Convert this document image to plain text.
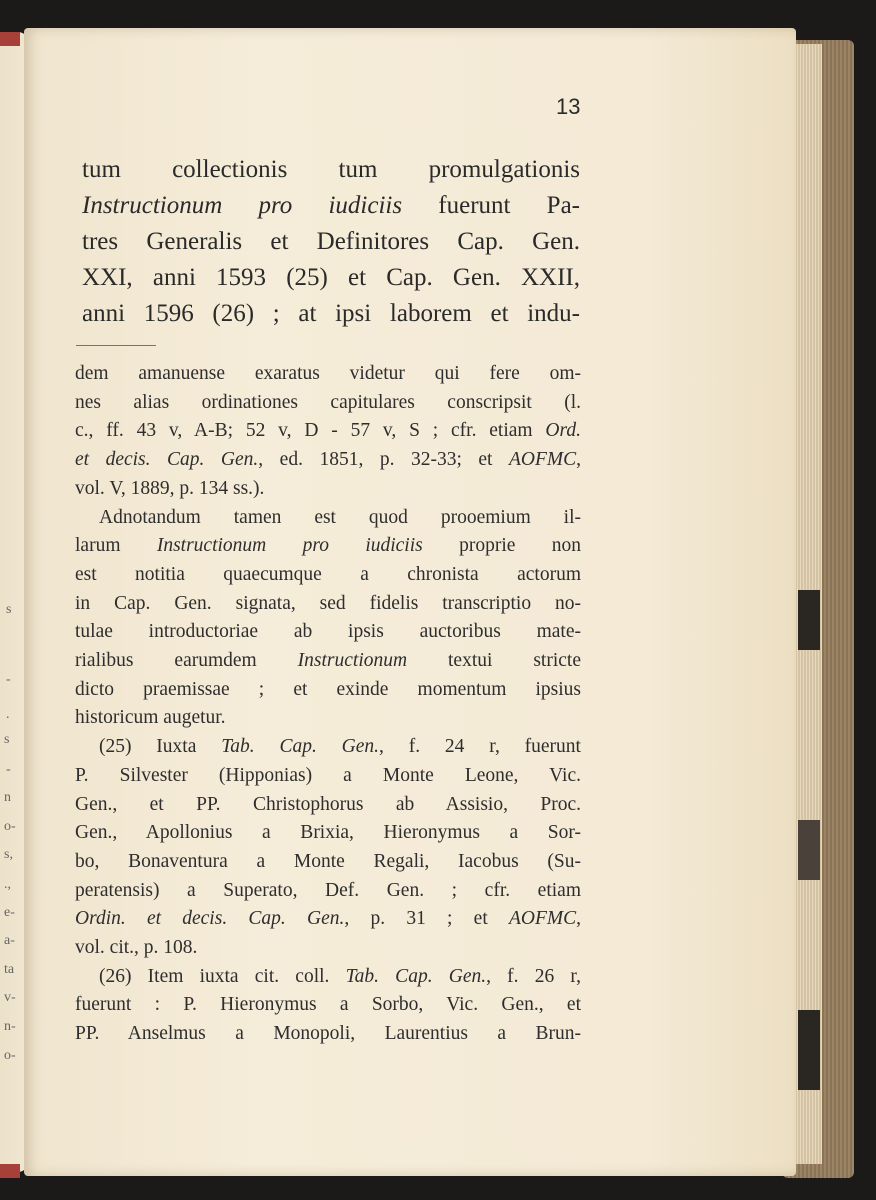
s
-
.
s
-
n
o-
s,
.,
e-
a-
ta
v-
n-
o-
13
tum collectionis tum promulgationis
Instructionum pro iudiciis fuerunt Pa-
tres Generalis et Definitores Cap. Gen.
XXI, anni 1593 (25) et Cap. Gen. XXII,
anni 1596 (26) ; at ipsi laborem et indu-
dem amanuense exaratus videtur qui fere om-
nes alias ordinationes capitulares conscripsit (l.
c., ff. 43 v, A-B; 52 v, D - 57 v, S ; cfr. etiam Ord.
et decis. Cap. Gen., ed. 1851, p. 32-33; et AOFMC,
vol. V, 1889, p. 134 ss.).
Adnotandum tamen est quod prooemium il-
larum Instructionum pro iudiciis proprie non
est notitia quaecumque a chronista actorum
in Cap. Gen. signata, sed fidelis transcriptio no-
tulae introductoriae ab ipsis auctoribus mate-
rialibus earumdem Instructionum textui stricte
dicto praemissae ; et exinde momentum ipsius
historicum augetur.
(25) Iuxta Tab. Cap. Gen., f. 24 r, fuerunt
P. Silvester (Hipponias) a Monte Leone, Vic.
Gen., et PP. Christophorus ab Assisio, Proc.
Gen., Apollonius a Brixia, Hieronymus a Sor-
bo, Bonaventura a Monte Regali, Iacobus (Su-
peratensis) a Superato, Def. Gen. ; cfr. etiam
Ordin. et decis. Cap. Gen., p. 31 ; et AOFMC,
vol. cit., p. 108.
(26) Item iuxta cit. coll. Tab. Cap. Gen., f. 26 r,
fuerunt : P. Hieronymus a Sorbo, Vic. Gen., et
PP. Anselmus a Monopoli, Laurentius a Brun-
